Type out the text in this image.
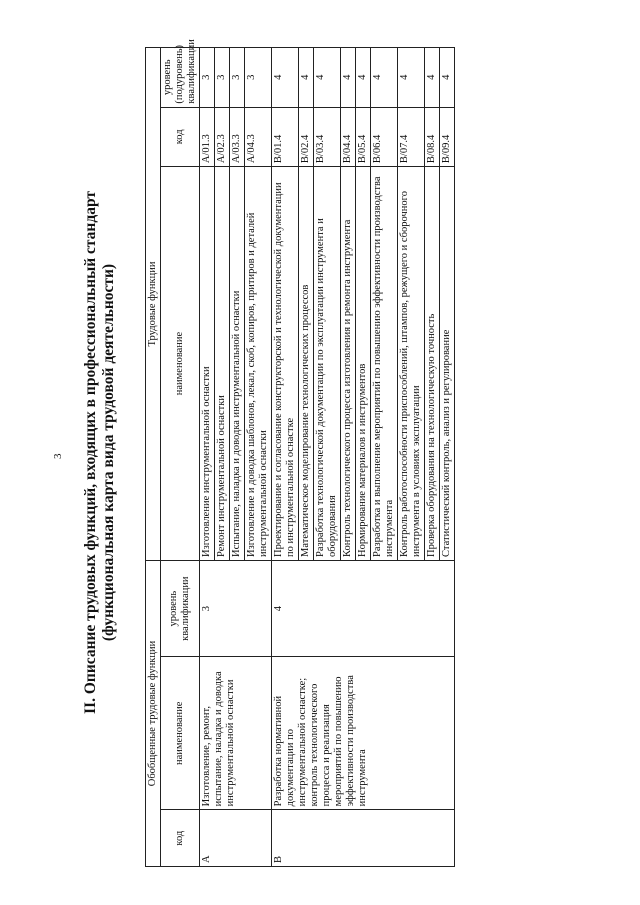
3 II. Описание трудовых функций, входящих в профессиональный стандарт (функциональная карта вида трудовой деятельности)
Обобщенные трудовые функции			Трудовые функции		
код	наименование	уровень квалификации	наименование	код	уровень (подуровень) квалификации
А	Изготовление, ремонт, испытание, наладка и доводка инструментальной оснастки	3	Изготовление инструментальной оснастки	А/01.3	3
			Ремонт инструментальной оснастки	А/02.3	3
			Испытание, наладка и доводка инструментальной оснастки	А/03.3	3
			Изготовление и доводка шаблонов, лекал, скоб, копиров, притиров и деталей инструментальной оснастки	А/04.3	3
В	Разработка нормативной документации по инструментальной оснастке; контроль технологического процесса и реализация мероприятий по повышению эффективности производства инструмента	4	Проектирование и согласование конструкторской и технологической документации по инструментальной оснастке	В/01.4	4
			Математическое моделирование технологических процессов	В/02.4	4
			Разработка технологической документации по эксплуатации инструмента и оборудования	В/03.4	4
			Контроль технологического процесса изготовления и ремонта инструмента	В/04.4	4
			Нормирование материалов и инструментов	В/05.4	4
			Разработка и выполнение мероприятий по повышению эффективности производства инструмента	В/06.4	4
			Контроль работоспособности приспособлений, штампов, режущего и сборочного инструмента в условиях эксплуатации	В/07.4	4
			Проверка оборудования на технологическую точность	В/08.4	4
			Статистический контроль, анализ и регулирование	В/09.4	4
